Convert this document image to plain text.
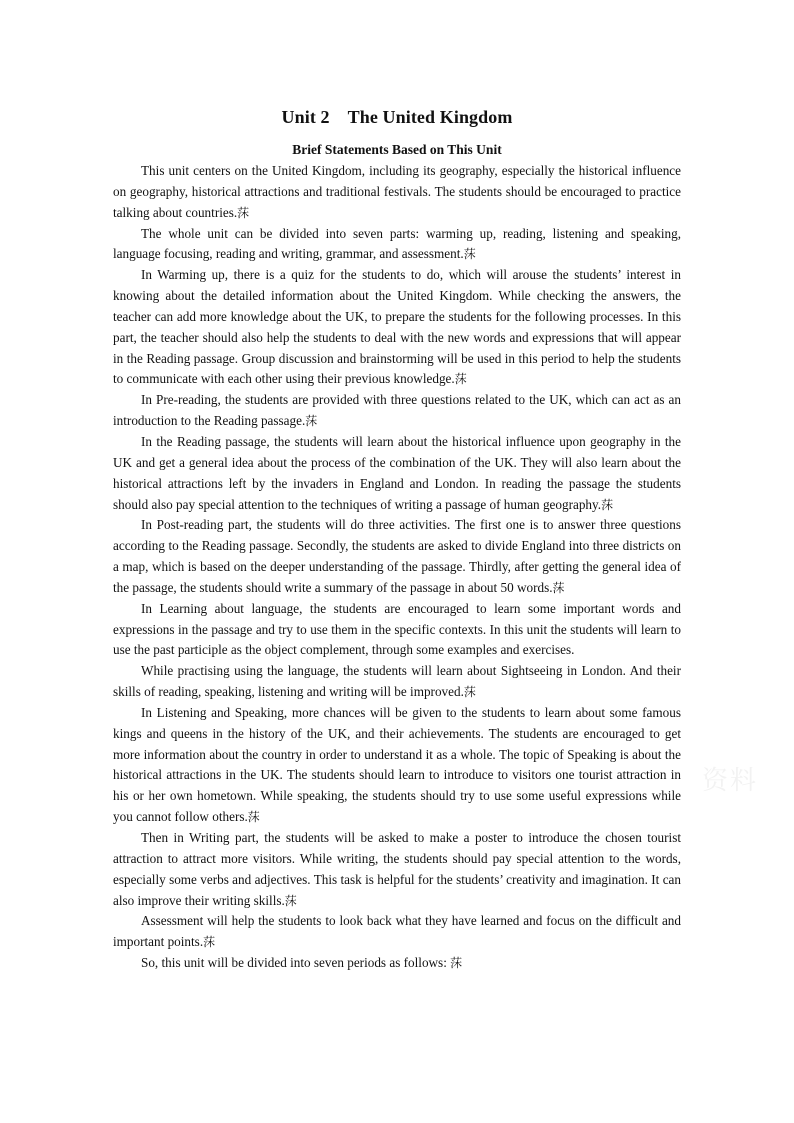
资料
Unit 2 The United Kingdom
Brief Statements Based on This Unit

This unit centers on the United Kingdom, including its geography, especially the historical influence on geography, historical attractions and traditional festivals. The students should be encouraged to practice talking about countries.莯

The whole unit can be divided into seven parts: warming up, reading, listening and speaking, language focusing, reading and writing, grammar, and assessment.莯

In Warming up, there is a quiz for the students to do, which will arouse the students’ interest in knowing about the detailed information about the United Kingdom. While checking the answers, the teacher can add more knowledge about the UK, to prepare the students for the following processes. In this part, the teacher should also help the students to deal with the new words and expressions that will appear in the Reading passage. Group discussion and brainstorming will be used in this period to help the students to communicate with each other using their previous knowledge.莯

In Pre-reading, the students are provided with three questions related to the UK, which can act as an introduction to the Reading passage.莯

In the Reading passage, the students will learn about the historical influence upon geography in the UK and get a general idea about the process of the combination of the UK. They will also learn about the historical attractions left by the invaders in England and London. In reading the passage the students should also pay special attention to the techniques of writing a passage of human geography.莯

In Post-reading part, the students will do three activities. The first one is to answer three questions according to the Reading passage. Secondly, the students are asked to divide England into three districts on a map, which is based on the deeper understanding of the passage. Thirdly, after getting the general idea of the passage, the students should write a summary of the passage in about 50 words.莯

In Learning about language, the students are encouraged to learn some important words and expressions in the passage and try to use them in the specific contexts. In this unit the students will learn to use the past participle as the object complement, through some examples and exercises.

While practising using the language, the students will learn about Sightseeing in London. And their skills of reading, speaking, listening and writing will be improved.莯

In Listening and Speaking, more chances will be given to the students to learn about some famous kings and queens in the history of the UK, and their achievements. The students are encouraged to get more information about the country in order to understand it as a whole. The topic of Speaking is about the historical attractions in the UK. The students should learn to introduce to visitors one tourist attraction in his or her own hometown. While speaking, the students should try to use some useful expressions while you cannot follow others.莯

Then in Writing part, the students will be asked to make a poster to introduce the chosen tourist attraction to attract more visitors. While writing, the students should pay special attention to the words, especially some verbs and adjectives. This task is helpful for the students’ creativity and imagination. It can also improve their writing skills.莯

Assessment will help the students to look back what they have learned and focus on the difficult and important points.莯

So, this unit will be divided into seven periods as follows: 莯
